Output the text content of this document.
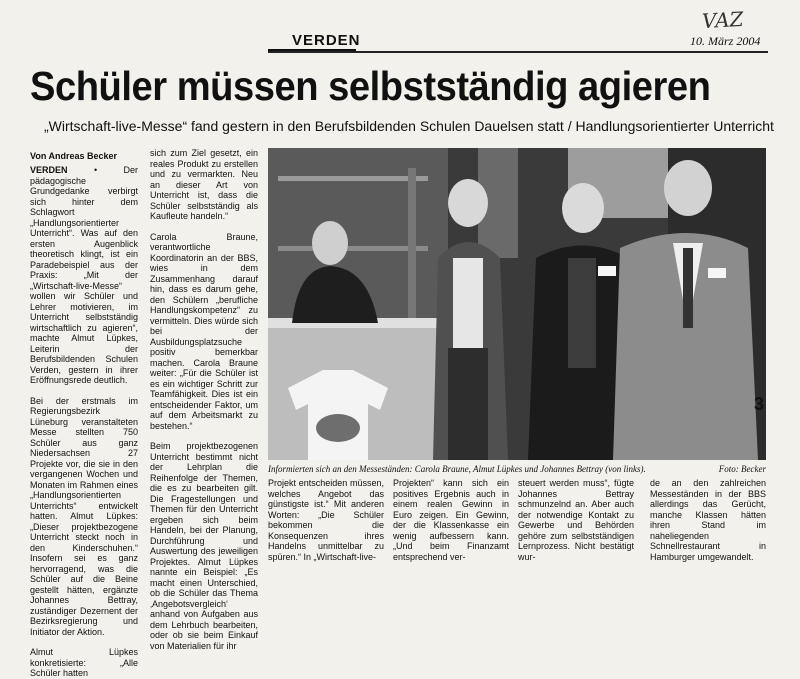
VAZ
VERDEN	10. März 2004
Schüler müssen selbstständig agieren
„Wirtschaft-live-Messe“ fand gestern in den Berufsbildenden Schulen Dauelsen statt / Handlungsorientierter Unterricht
Von Andreas Becker

VERDEN	• Der pädagogische Grundgedanke verbirgt sich hinter dem Schlagwort „Handlungsorientierter Unterricht“. Was auf den ersten Augenblick theoretisch klingt, ist ein Paradebeispiel aus der Praxis: „Mit der „Wirtschaft-live-Messe“ wollen wir Schüler und Lehrer motivieren, im Unterricht selbstständig wirtschaftlich zu agieren“, machte Almut Lüpkes, Leiterin der Berufsbildenden Schulen Verden, gestern in ihrer Eröffnungsrede deutlich.

Bei der erstmals im Regierungsbezirk Lüneburg veranstalteten Messe stellten 750 Schüler aus ganz Niedersachsen 27 Projekte vor, die sie in den vergangenen Wochen und Monaten im Rahmen eines „Handlungsorientierten Unterrichts“ entwickelt hatten. Almut Lüpkes: „Dieser projektbezogene Unterricht steckt noch in den Kinderschuhen.“ Insofern sei es ganz hervorragend, was die Schüler auf die Beine gestellt hätten, ergänzte Johannes Bettray, zuständiger Dezernent der Bezirksregierung und Initiator der Aktion.

Almut Lüpkes konkretisierte: „Alle Schüler hatten

sich zum Ziel gesetzt, ein reales Produkt zu erstellen und zu vermarkten. Neu an dieser Art von Unterricht ist, dass die Schüler selbstständig als Kaufleute handeln.“

Carola Braune, verantwortliche Koordinatorin an der BBS, wies in dem Zusammenhang darauf hin, dass es darum gehe, den Schülern „berufliche Handlungskompetenz“ zu vermitteln. Dies würde sich bei der Ausbildungsplatzsuche positiv bemerkbar machen. Carola Braune weiter: „Für die Schüler ist es ein wichtiger Schritt zur Teamfähigkeit. Dies ist ein entscheidender Faktor, um auf dem Arbeitsmarkt zu bestehen.“

Beim projektbezogenen Unterricht bestimmt nicht der Lehrplan die Reihenfolge der Themen, die es zu bearbeiten gilt. Die Fragestellungen und Themen für den Unterricht ergeben sich beim Handeln, bei der Planung, Durchführung und Auswertung des jeweiligen Projektes. Almut Lüpkes nannte ein Beispiel: „Es macht einen Unterschied, ob die Schüler das Thema ‚Angebotsvergleich‘ anhand von Aufgaben aus dem Lehrbuch bearbeiten, oder ob sie beim Einkauf von Materialien für ihr

3
Informierten sich an den Messeständen: Carola Braune, Almut Lüpkes und Johannes Bettray (von links).	Foto: Becker

Projekt entscheiden müssen, welches Angebot das günstigste ist.“ Mit anderen Worten: „Die Schüler bekommen die Konsequenzen ihres Handelns unmittelbar zu spüren.“ In „Wirtschaft-live-

Projekten“ kann sich ein positives Ergebnis auch in einem realen Gewinn in Euro zeigen. Ein Gewinn, der die Klassenkasse ein wenig aufbessern kann. „Und beim Finanzamt entsprechend ver-

steuert werden muss“, fügte Johannes Bettray schmunzelnd an. Aber auch der notwendige Kontakt zu Gewerbe und Behörden gehöre zum selbstständigen Lernprozess. Nicht bestätigt wur-

de an den zahlreichen Messeständen in der BBS allerdings das Gerücht, manche Klassen hätten ihren Stand im naheliegenden Schnellrestaurant in Hamburger umgewandelt.
